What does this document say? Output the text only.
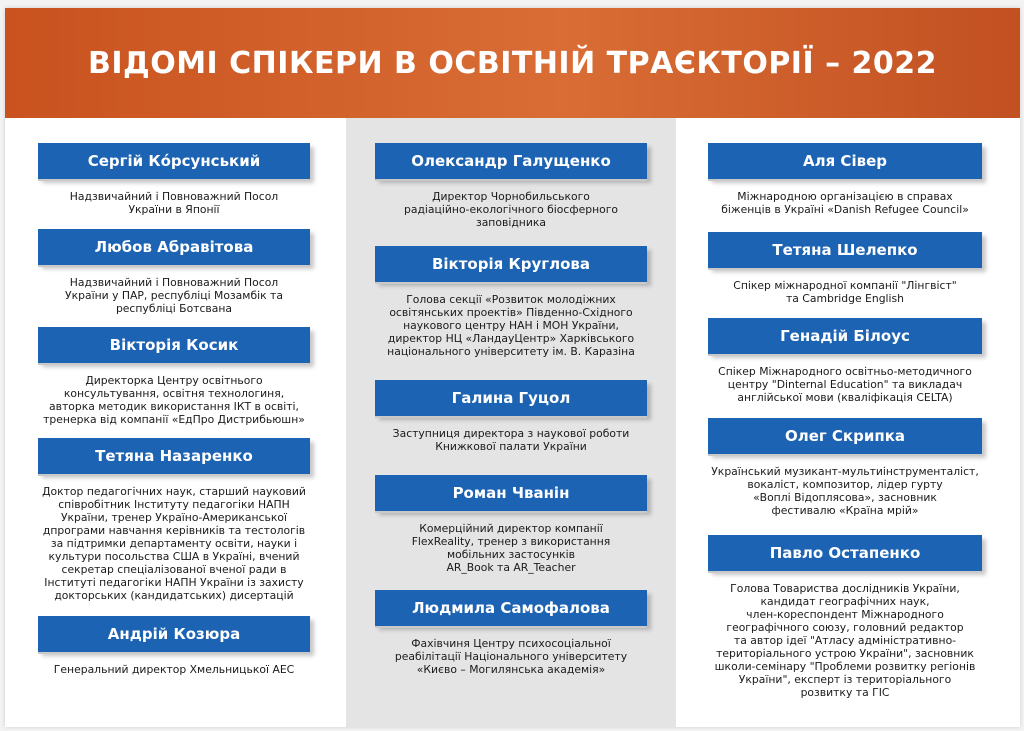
ВІДОМІ СПІКЕРИ В ОСВІТНІЙ ТРАЄКТОРІЇ – 2022
Сергій Ко́рсунський
Надзвичайний і Повноважний Посол
України в Японії
Любов Абравітова
Надзвичайний і Повноважний Посол
України у ПАР, республіці Мозамбік та
республіці Ботсвана
Вікторія Косик
Директорка Центру освітнього
консультування, освітня технологиня,
авторка методик використання ІКТ в освіті,
тренерка від компанії «ЕдПро Дистрибьюшн»
Тетяна Назаренко
Доктор педагогічних наук, старший науковий
співробітник Інституту педагогіки НАПН
України, тренер Україно-Американської
дпрограми навчання керівників та тестологів
за підтримки департаменту освіти, науки і
культури посольства США в Україні, вчений
секретар спеціалізованої вченої ради в
Інституті педагогіки НАПН України із захисту
докторських (кандидатських) дисертацій
Андрій Козюра
Генеральний директор Хмельницької АЕС
Олександр Галущенко
Директор Чорнобильського
радіаційно-екологічного біосферного
заповідника
Вікторія Круглова
Голова секції «Розвиток молодіжних
освітянських проектів» Південно-Східного
наукового центру НАН і МОН України,
директор НЦ «ЛандауЦентр» Харківського
національного університету ім. В. Каразіна
Галина Гуцол
Заступниця директора з наукової роботи
Книжкової палати України
Роман Чванін
Комерційний директор компанії
FlexReality, тренер з використання
мобільних застосунків
AR_Book та AR_Teacher
Людмила Самофалова
Фахівчиня Центру психосоціальної
реабілітації Національного університету
«Києво – Могилянська академія»
Аля Сівер
Міжнародною організацією в справах
біженців в Україні «Danish Refugee Council»
Тетяна Шелепко
Спікер міжнародної компанії "Лінгвіст"
та Cambridge English
Генадій Білоус
Спікер Міжнародного освітньо-методичного
центру "Dinternal Education" та викладач
англійської мови (кваліфікація CELTA)
Олег Скрипка
Український музикант-мультиінструменталіст,
вокаліст, композитор, лідер гурту
«Воплі Відоплясова», засновник
фестивалю «Країна мрій»
Павло Остапенко
Голова Товариства дослідників України,
кандидат географічних наук,
член-кореспондент Міжнародного
географічного союзу, головний редактор
та автор ідеї "Атласу адміністративно-
територіального устрою України", засновник
школи-семінару "Проблеми розвитку регіонів
України", експерт із територіального
розвитку та ГІС
